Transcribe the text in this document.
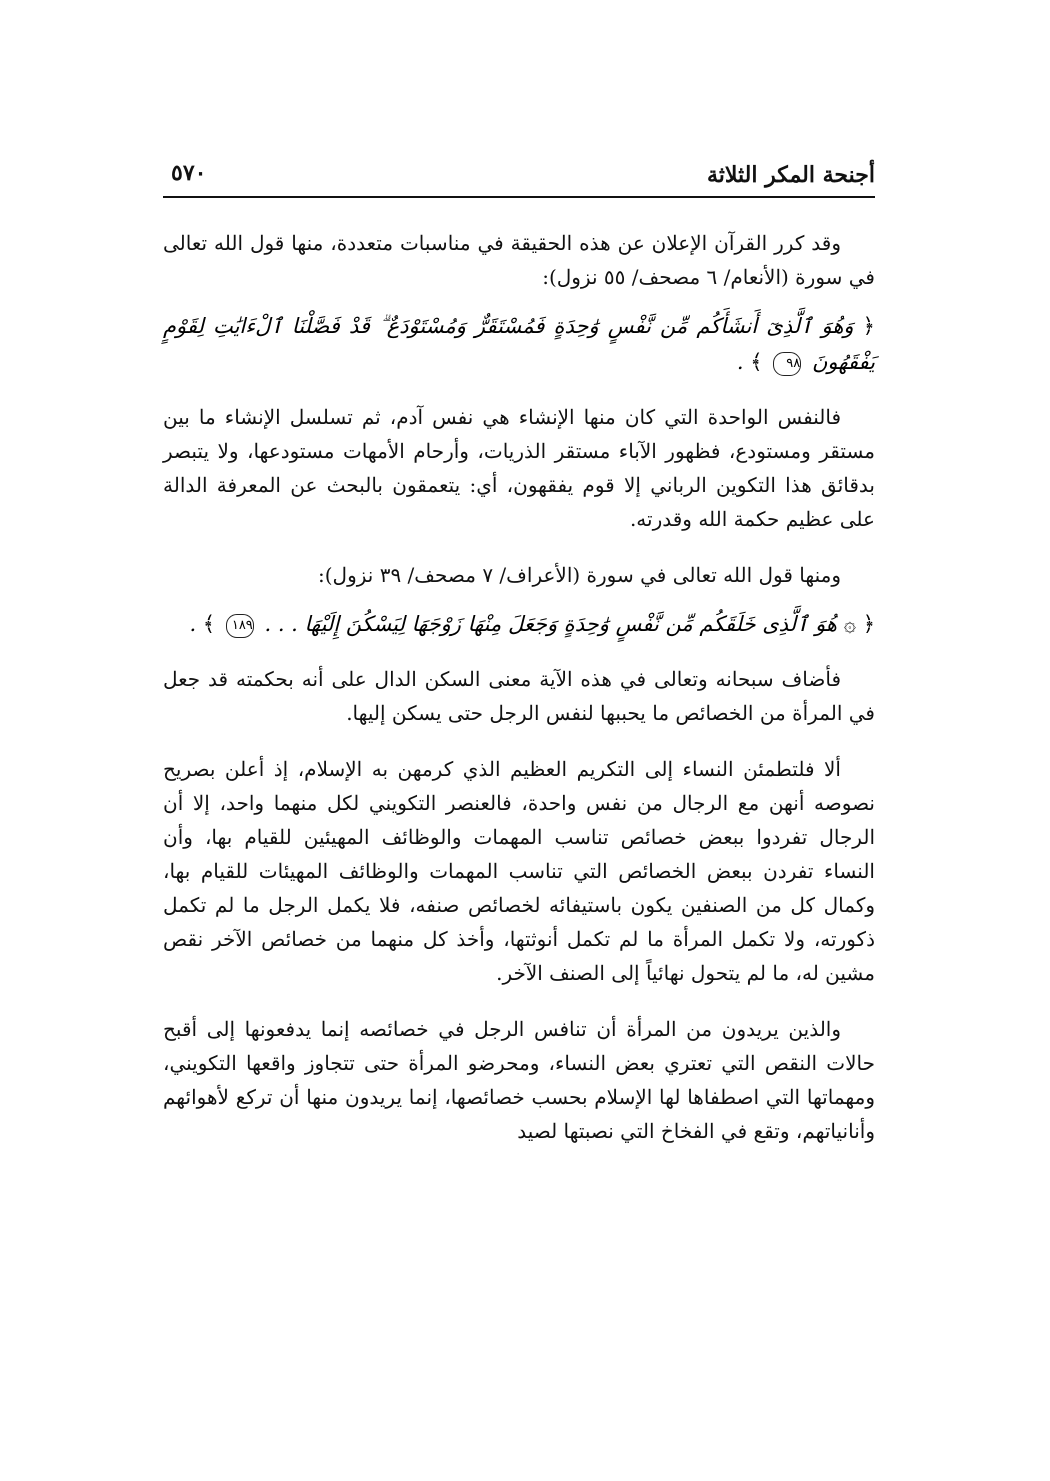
أجنحة المكر الثلاثة
٥٧٠

وقد كرر القرآن الإعلان عن هذه الحقيقة في مناسبات متعددة، منها قول الله تعالى في سورة (الأنعام/ ٦ مصحف/ ٥٥ نزول):

﴿ وَهُوَ ٱلَّذِىٓ أَنشَأَكُم مِّن نَّفْسٍ وَٰحِدَةٍ فَمُسْتَقَرٌّ وَمُسْتَوْدَعٌ ۗ قَدْ فَصَّلْنَا ٱلْءَايَٰتِ لِقَوْمٍ يَفْقَهُونَ ٩٨ ﴾ .

فالنفس الواحدة التي كان منها الإنشاء هي نفس آدم، ثم تسلسل الإنشاء ما بين مستقر ومستودع، فظهور الآباء مستقر الذريات، وأرحام الأمهات مستودعها، ولا يتبصر بدقائق هذا التكوين الرباني إلا قوم يفقهون، أي: يتعمقون بالبحث عن المعرفة الدالة على عظيم حكمة الله وقدرته.

ومنها قول الله تعالى في سورة (الأعراف/ ٧ مصحف/ ٣٩ نزول):

﴿ ۞ هُوَ ٱلَّذِى خَلَقَكُم مِّن نَّفْسٍ وَٰحِدَةٍ وَجَعَلَ مِنْهَا زَوْجَهَا لِيَسْكُنَ إِلَيْهَا . . . ١٨٩ ﴾ .

فأضاف سبحانه وتعالى في هذه الآية معنى السكن الدال على أنه بحكمته قد جعل في المرأة من الخصائص ما يحببها لنفس الرجل حتى يسكن إليها.

ألا فلتطمئن النساء إلى التكريم العظيم الذي كرمهن به الإسلام، إذ أعلن بصريح نصوصه أنهن مع الرجال من نفس واحدة، فالعنصر التكويني لكل منهما واحد، إلا أن الرجال تفردوا ببعض خصائص تناسب المهمات والوظائف المهيئين للقيام بها، وأن النساء تفردن ببعض الخصائص التي تناسب المهمات والوظائف المهيئات للقيام بها، وكمال كل من الصنفين يكون باستيفائه لخصائص صنفه، فلا يكمل الرجل ما لم تكمل ذكورته، ولا تكمل المرأة ما لم تكمل أنوثتها، وأخذ كل منهما من خصائص الآخر نقص مشين له، ما لم يتحول نهائياً إلى الصنف الآخر.

والذين يريدون من المرأة أن تنافس الرجل في خصائصه إنما يدفعونها إلى أقبح حالات النقص التي تعتري بعض النساء، ومحرضو المرأة حتى تتجاوز واقعها التكويني، ومهماتها التي اصطفاها لها الإسلام بحسب خصائصها، إنما يريدون منها أن تركع لأهوائهم وأنانياتهم، وتقع في الفخاخ التي نصبتها لصيد
